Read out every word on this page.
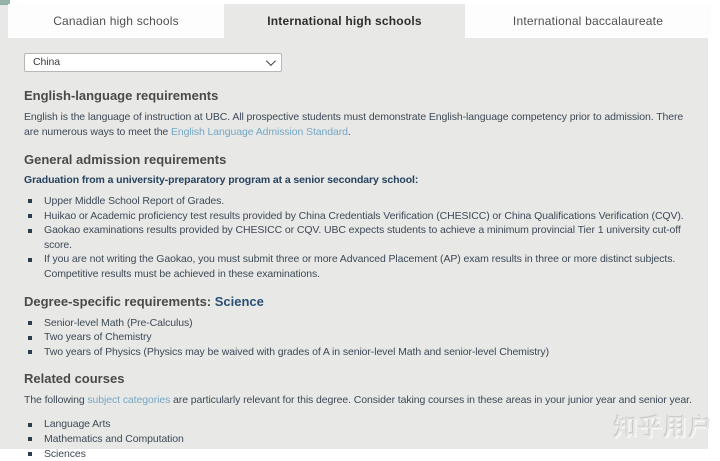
Canadian high schools	International high schools	International baccalaureate
China
English-language requirements

English is the language of instruction at UBC. All prospective students must demonstrate English-language competency prior to admission. There are numerous ways to meet the English Language Admission Standard.

General admission requirements
Graduation from a university-preparatory program at a senior secondary school:
Upper Middle School Report of Grades.
Huikao or Academic proficiency test results provided by China Credentials Verification (CHESICC) or China Qualifications Verification (CQV).
Gaokao examinations results provided by CHESICC or CQV. UBC expects students to achieve a minimum provincial Tier 1 university cut-off score.
If you are not writing the Gaokao, you must submit three or more Advanced Placement (AP) exam results in three or more distinct subjects. Competitive results must be achieved in these examinations.
Degree-specific requirements: Science
Senior-level Math (Pre-Calculus)
Two years of Chemistry
Two years of Physics (Physics may be waived with grades of A in senior-level Math and senior-level Chemistry)
Related courses

The following subject categories are particularly relevant for this degree. Consider taking courses in these areas in your junior year and senior year.

Language Arts
Mathematics and Computation
Sciences
知乎用户
